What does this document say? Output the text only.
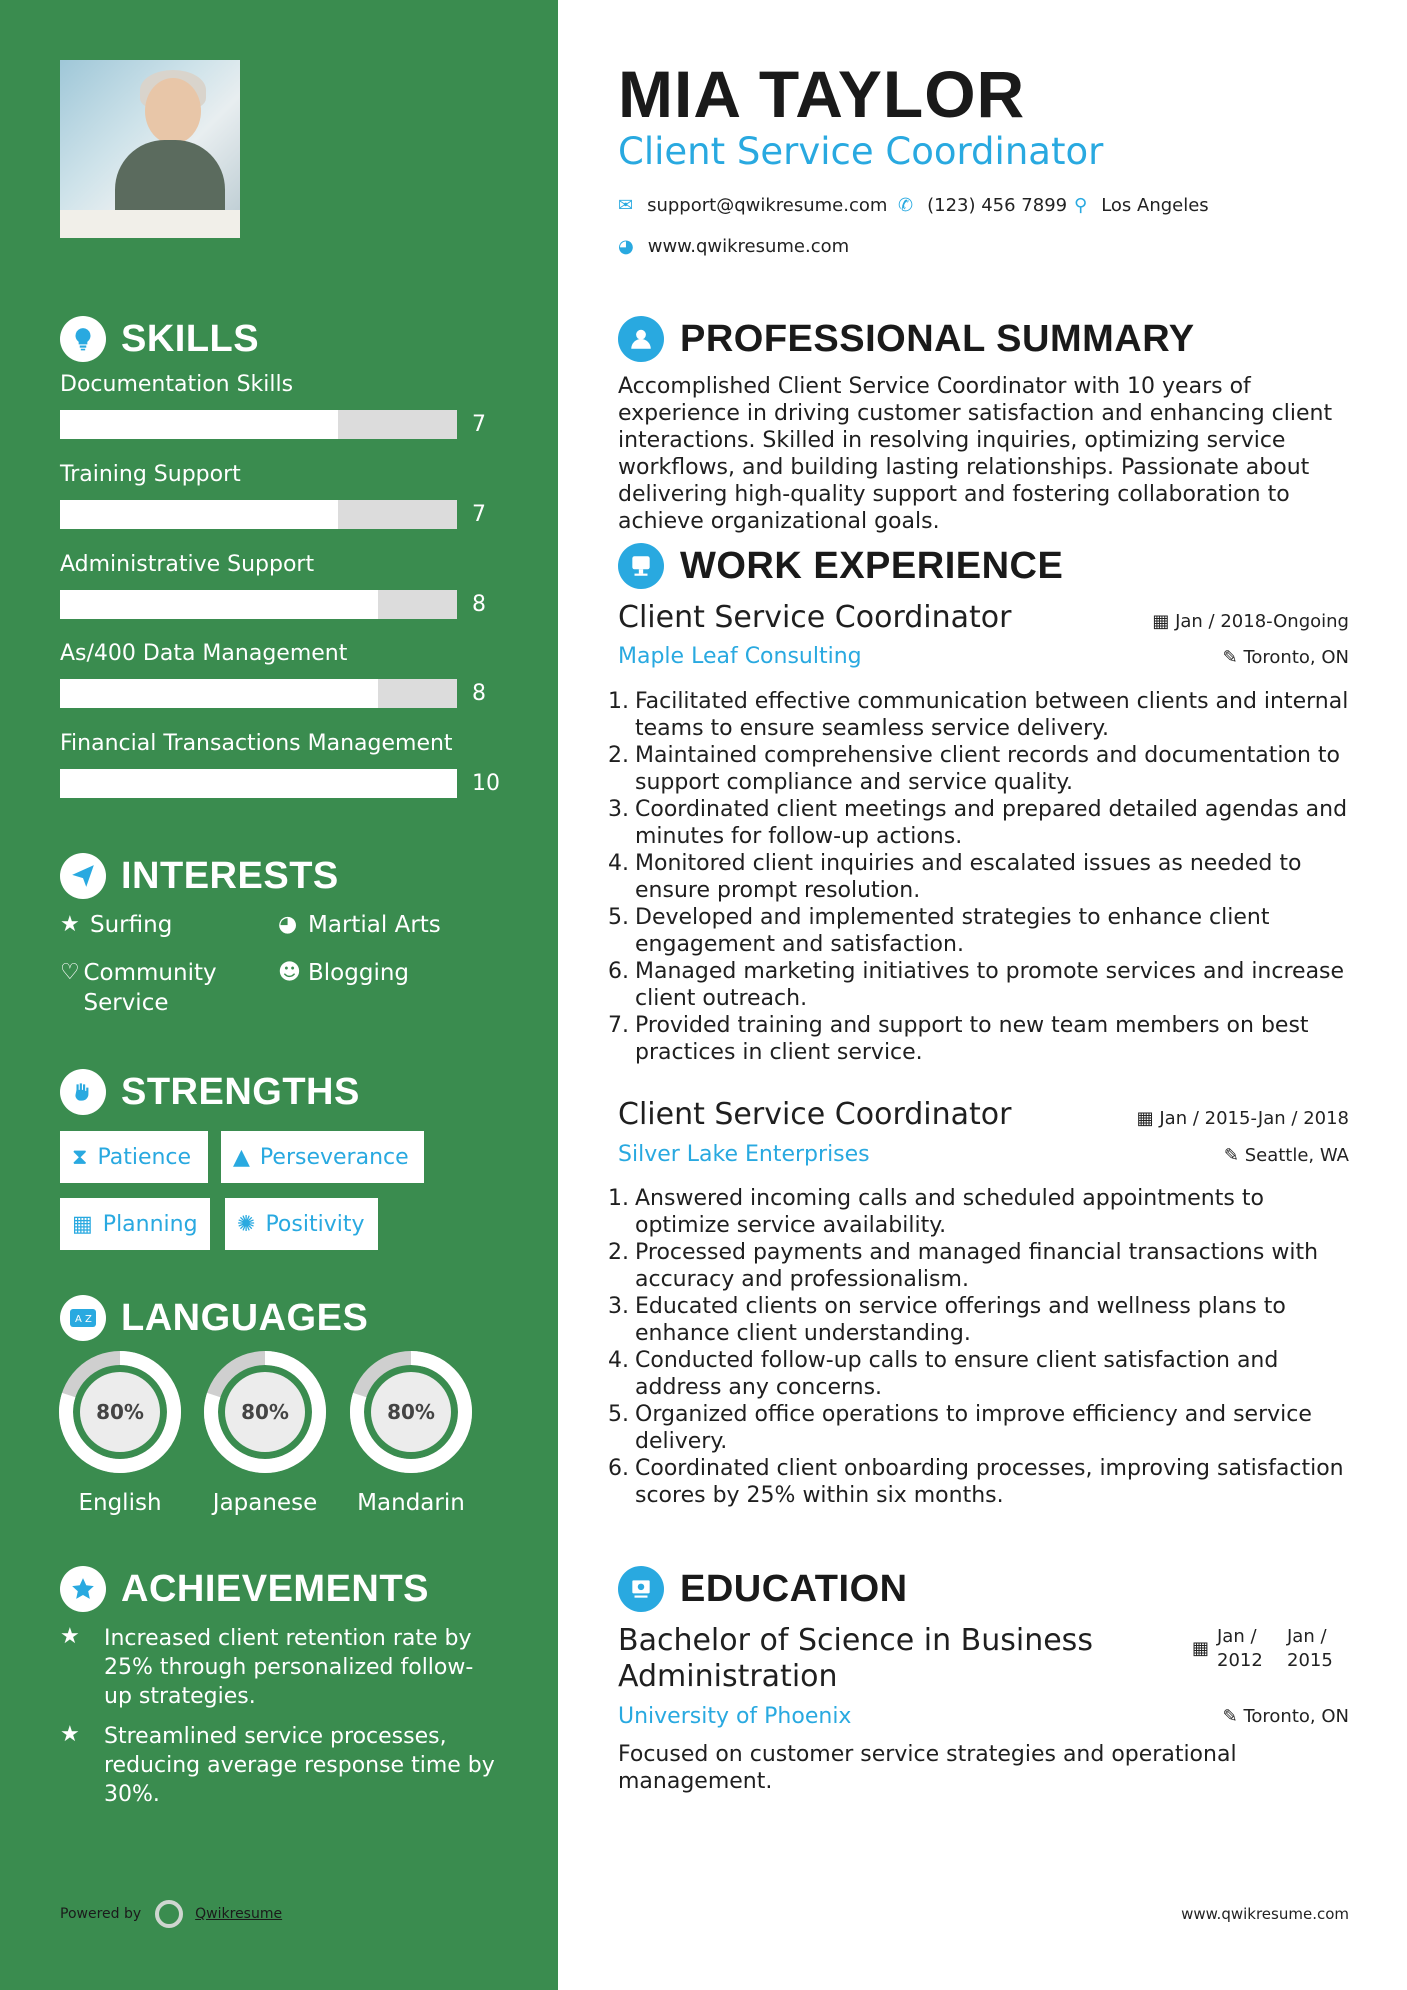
SKILLS
Documentation Skills
7
Training Support
7
Administrative Support
8
As/400 Data Management
8
Financial Transactions Management
10
INTERESTS
★ Surfing	◕ Martial Arts
♡ Community Service
☻ Blogging
STRENGTHS
⧗ Patience ▲ Perseverance
▦ Planning ✺ Positivity
A Z LANGUAGES
80%
English
80%
Japanese
80%
Mandarin
ACHIEVEMENTS
★	Increased client retention rate by 25% through personalized follow-up strategies.
★	Streamlined service processes, reducing average response time by 30%.
Powered by	Qwikresume
MIA TAYLOR
Client Service Coordinator
✉ support@qwikresume.com ✆ (123) 456 7899 ⚲ Los Angeles
◕ www.qwikresume.com
PROFESSIONAL SUMMARY
Accomplished Client Service Coordinator with 10 years of experience in driving customer satisfaction and enhancing client interactions. Skilled in resolving inquiries, optimizing service workflows, and building lasting relationships. Passionate about delivering high-quality support and fostering collaboration to achieve organizational goals.
WORK EXPERIENCE
Client Service Coordinator	▦ Jan / 2018-Ongoing
Maple Leaf Consulting	✎ Toronto, ON
1. Facilitated effective communication between clients and internal teams to ensure seamless service delivery.
2. Maintained comprehensive client records and documentation to support compliance and service quality.
3. Coordinated client meetings and prepared detailed agendas and minutes for follow-up actions.
4. Monitored client inquiries and escalated issues as needed to ensure prompt resolution.
5. Developed and implemented strategies to enhance client engagement and satisfaction.
6. Managed marketing initiatives to promote services and increase client outreach.
7. Provided training and support to new team members on best practices in client service.
Client Service Coordinator	▦ Jan / 2015-Jan / 2018
Silver Lake Enterprises	✎ Seattle, WA
1. Answered incoming calls and scheduled appointments to optimize service availability.
2. Processed payments and managed financial transactions with accuracy and professionalism.
3. Educated clients on service offerings and wellness plans to enhance client understanding.
4. Conducted follow-up calls to ensure client satisfaction and address any concerns.
5. Organized office operations to improve efficiency and service delivery.
6. Coordinated client onboarding processes, improving satisfaction scores by 25% within six months.
EDUCATION
Bachelor of Science in Business Administration
▦
Jan / 2012
Jan / 2015
University of Phoenix	✎ Toronto, ON
Focused on customer service strategies and operational management.
www.qwikresume.com
